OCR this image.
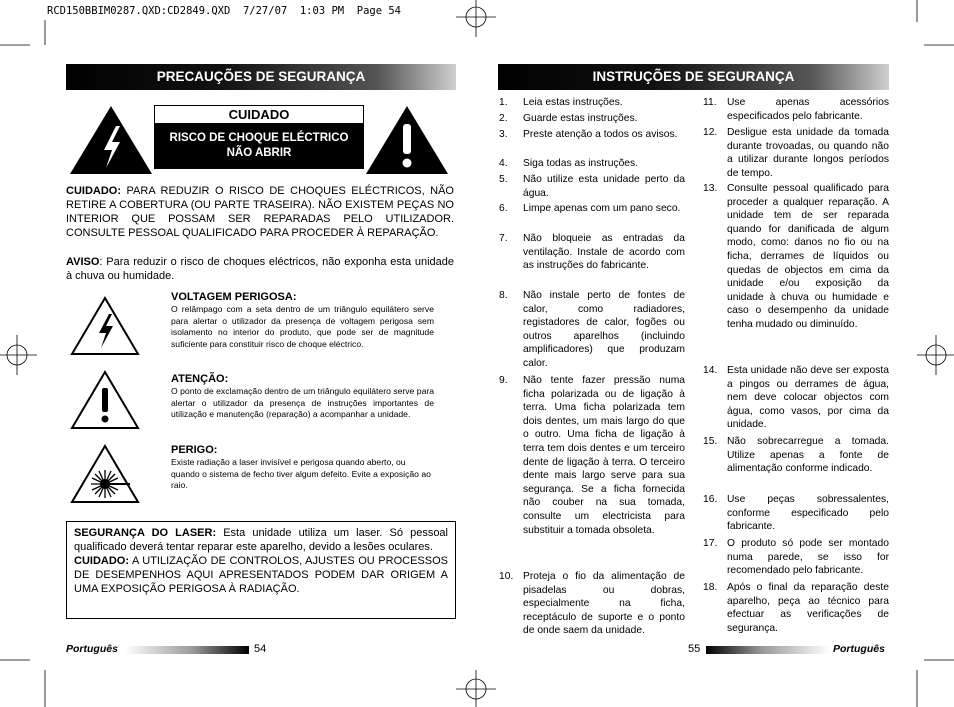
RCD150BBIM0287.QXD:CD2849.QXD  7/27/07  1:03 PM  Page 54
PRECAUÇÕES DE SEGURANÇA
CUIDADO
RISCO DE CHOQUE ELÉCTRICO
NÃO ABRIR
CUIDADO: PARA REDUZIR O RISCO DE CHOQUES ELÉCTRICOS, NÃO RETIRE A COBERTURA (OU PARTE TRASEIRA). NÃO EXISTEM PEÇAS NO INTERIOR QUE POSSAM SER REPARADAS PELO UTILIZADOR. CONSULTE PESSOAL QUALIFICADO PARA PROCEDER À REPARAÇÃO.
AVISO: Para reduzir o risco de choques eléctricos, não exponha esta unidade à chuva ou humidade.
VOLTAGEM PERIGOSA:
O relâmpago com a seta dentro de um triângulo equilátero serve para alertar o utilizador da presença de voltagem perigosa sem isolamento no interior do produto, que pode ser de magnitude suficiente para constituir risco de choque eléctrico.
ATENÇÃO:
O ponto de exclamação dentro de um triângulo equilátero serve para alertar o utilizador da presença de instruções importantes de utilização e manutenção (reparação) a acompanhar a unidade.
PERIGO:
Existe radiação a laser invisível e perigosa quando aberto, ou quando o sistema de fecho tiver algum defeito. Evite a exposição ao raio.
SEGURANÇA DO LASER: Esta unidade utiliza um laser. Só pessoal qualificado deverá tentar reparar este aparelho, devido a lesões oculares.
CUIDADO: A UTILIZAÇÃO DE CONTROLOS, AJUSTES OU PROCESSOS DE DESEMPENHOS AQUI APRESENTADOS PODEM DAR ORIGEM A UMA EXPOSIÇÃO PERIGOSA À RADIAÇÃO.
Português	54
INSTRUÇÕES DE SEGURANÇA
1. Leia estas instruções.
2. Guarde estas instruções.
3. Preste atenção a todos os avisos.
4. Siga todas as instruções.
5. Não utilize esta unidade perto da água.
6. Limpe apenas com um pano seco.
7. Não bloqueie as entradas da ventilação. Instale de acordo com as instruções do fabricante.
8. Não instale perto de fontes de calor, como radiadores, registadores de calor, fogões ou outros aparelhos (incluindo amplificadores) que produzam calor.
9. Não tente fazer pressão numa ficha polarizada ou de ligação à terra. Uma ficha polarizada tem dois dentes, um mais largo do que o outro. Uma ficha de ligação à terra tem dois dentes e um terceiro dente de ligação à terra. O terceiro dente mais largo serve para sua segurança. Se a ficha fornecida não couber na sua tomada, consulte um electricista para substituir a tomada obsoleta.
10. Proteja o fio da alimentação de pisadelas ou dobras, especialmente na ficha, receptáculo de suporte e o ponto de onde saem da unidade.
11. Use apenas acessórios especificados pelo fabricante.
12. Desligue esta unidade da tomada durante trovoadas, ou quando não a utilizar durante longos períodos de tempo.
13. Consulte pessoal qualificado para proceder a qualquer reparação. A unidade tem de ser reparada quando for danificada de algum modo, como: danos no fio ou na ficha, derrames de líquidos ou quedas de objectos em cima da unidade e/ou exposição da unidade à chuva ou humidade e caso o desempenho da unidade tenha mudado ou diminuído.
14. Esta unidade não deve ser exposta a pingos ou derrames de água, nem deve colocar objectos com água, como vasos, por cima da unidade.
15. Não sobrecarregue a tomada. Utilize apenas a fonte de alimentação conforme indicado.
16. Use peças sobressalentes, conforme especificado pelo fabricante.
17. O produto só pode ser montado numa parede, se isso for recomendado pelo fabricante.
18. Após o final da reparação deste aparelho, peça ao técnico para efectuar as verificações de segurança.
55	Português
